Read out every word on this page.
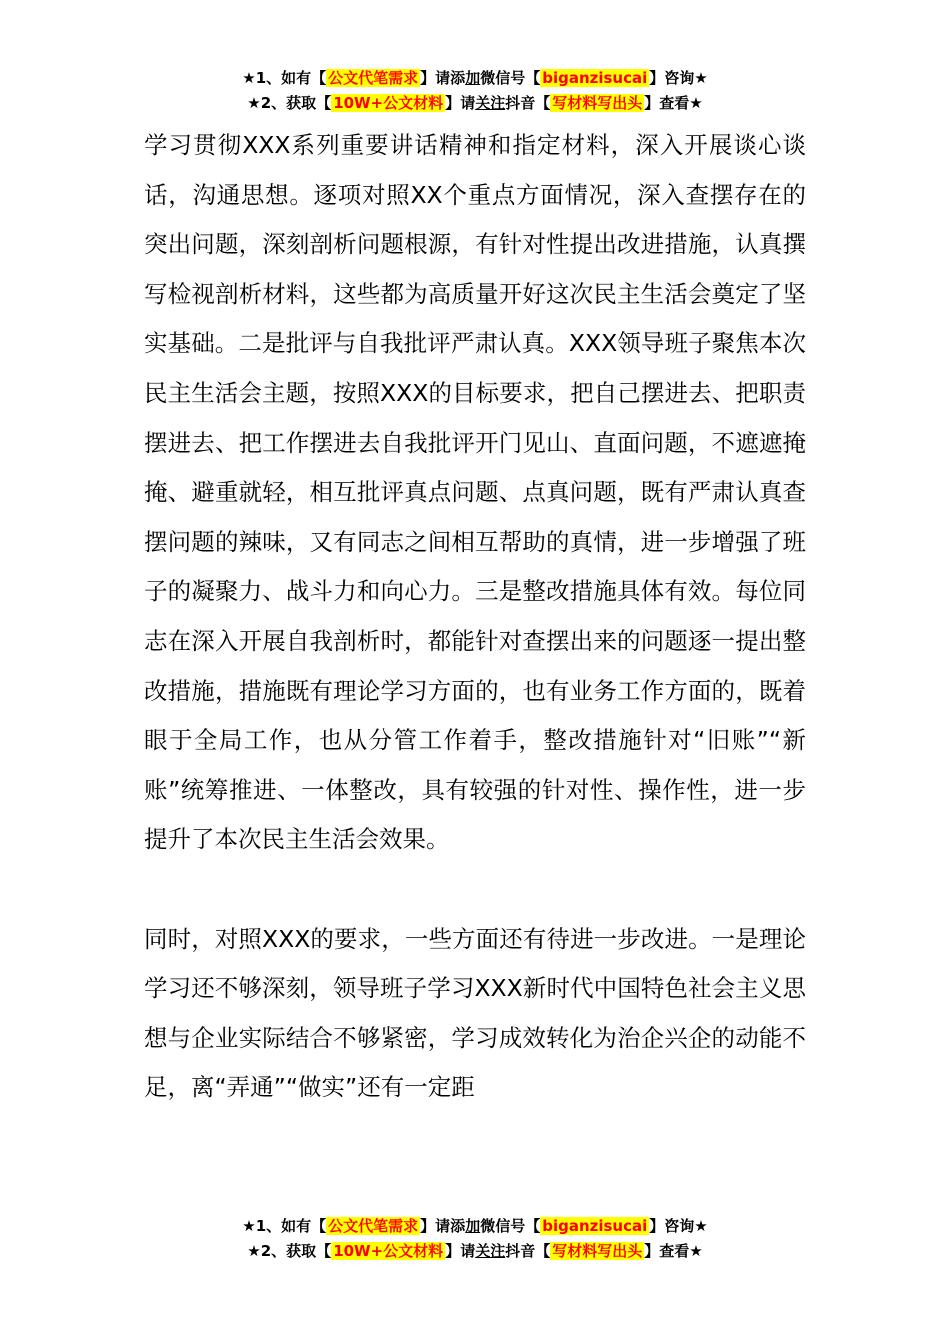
★1、如有【 公文代笔需求 】请添加微信号【 biganzisucai 】咨询★
★2、获取【 10W+公文材料 】请关注抖音【 写材料写出头 】查看★

学习贯彻XXX系列重要讲话精神和指定材料，深入开展谈心谈话，沟通思想。逐项对照XX个重点方面情况，深入查摆存在的突出问题，深刻剖析问题根源，有针对性提出改进措施，认真撰写检视剖析材料，这些都为高质量开好这次民主生活会奠定了坚实基础。二是批评与自我批评严肃认真。XXX领导班子聚焦本次民主生活会主题，按照XXX的目标要求，把自己摆进去、把职责摆进去、把工作摆进去自我批评开门见山、直面问题，不遮遮掩掩、避重就轻，相互批评真点问题、点真问题，既有严肃认真查摆问题的辣味，又有同志之间相互帮助的真情，进一步增强了班子的凝聚力、战斗力和向心力。三是整改措施具体有效。每位同志在深入开展自我剖析时，都能针对查摆出来的问题逐一提出整改措施，措施既有理论学习方面的，也有业务工作方面的，既着眼于全局工作，也从分管工作着手，整改措施针对“旧账”“新账”统筹推进、一体整改，具有较强的针对性、操作性，进一步提升了本次民主生活会效果。

同时，对照XXX的要求，一些方面还有待进一步改进。一是理论学习还不够深刻，领导班子学习XXX新时代中国特色社会主义思想与企业实际结合不够紧密，学习成效转化为治企兴企的动能不足，离“弄通”“做实”还有一定距

★1、如有【 公文代笔需求 】请添加微信号【 biganzisucai 】咨询★
★2、获取【 10W+公文材料 】请关注抖音【 写材料写出头 】查看★
